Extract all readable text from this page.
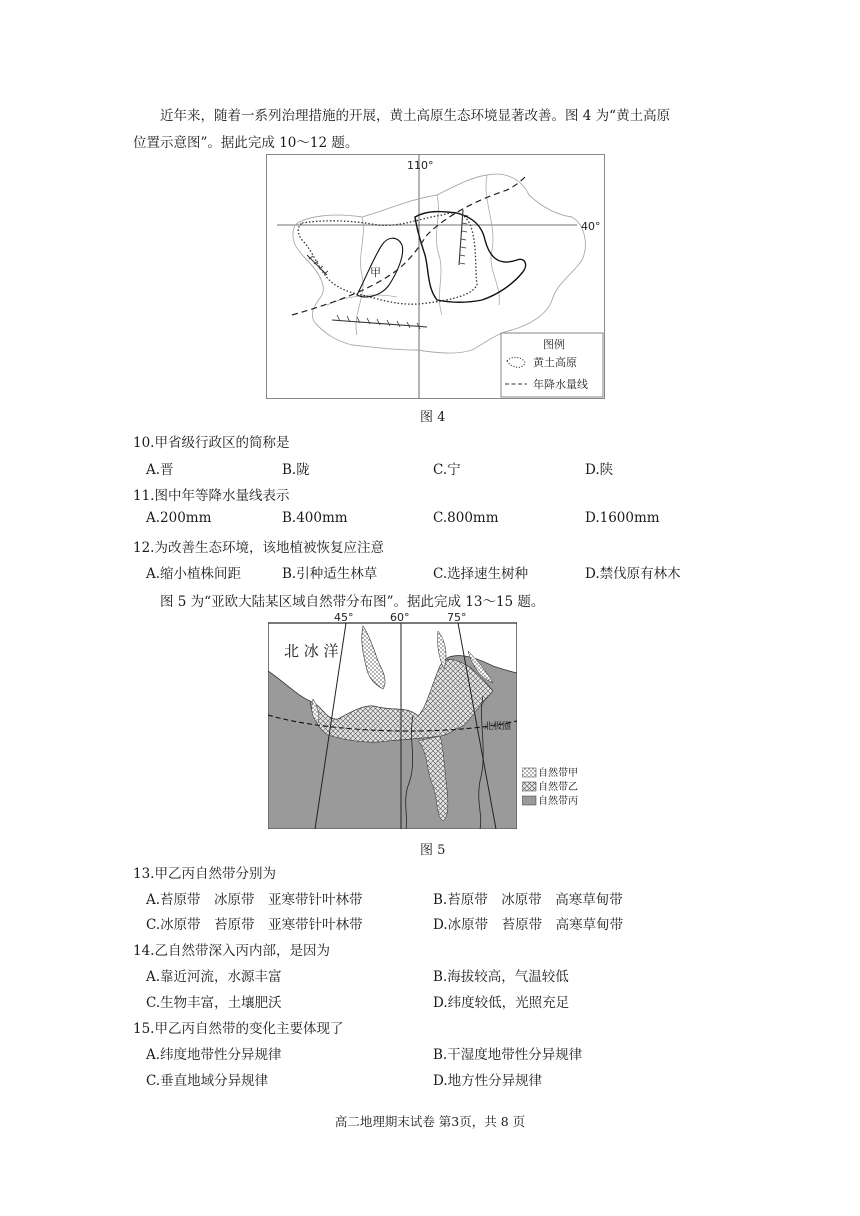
近年来，随着一系列治理措施的开展，黄土高原生态环境显著改善。图 4 为“黄土高原
位置示意图”。据此完成 10～12 题。
甲
110°
40°
图例
黄土高原
年降水量线
图 4
10.甲省级行政区的简称是
A.晋	B.陇	C.宁	D.陕
11.图中年等降水量线表示
A.200mm	B.400mm	C.800mm	D.1600mm
12.为改善生态环境，该地植被恢复应注意
A.缩小植株间距	B.引种适生林草	C.选择速生树种	D.禁伐原有林木
图 5 为“亚欧大陆某区域自然带分布图”。据此完成 13～15 题。
45°	60°	75°
北 冰 洋
北极圈
自然带甲
自然带乙
自然带丙
图 5
13.甲乙丙自然带分别为
A.苔原带　冰原带　亚寒带针叶林带	B.苔原带　冰原带　高寒草甸带
C.冰原带　苔原带　亚寒带针叶林带	D.冰原带　苔原带　高寒草甸带
14.乙自然带深入丙内部，是因为
A.靠近河流，水源丰富	B.海拔较高，气温较低
C.生物丰富，土壤肥沃	D.纬度较低，光照充足
15.甲乙丙自然带的变化主要体现了
A.纬度地带性分异规律	B.干湿度地带性分异规律
C.垂直地域分异规律	D.地方性分异规律
高二地理期末试卷 第3页，共 8 页
